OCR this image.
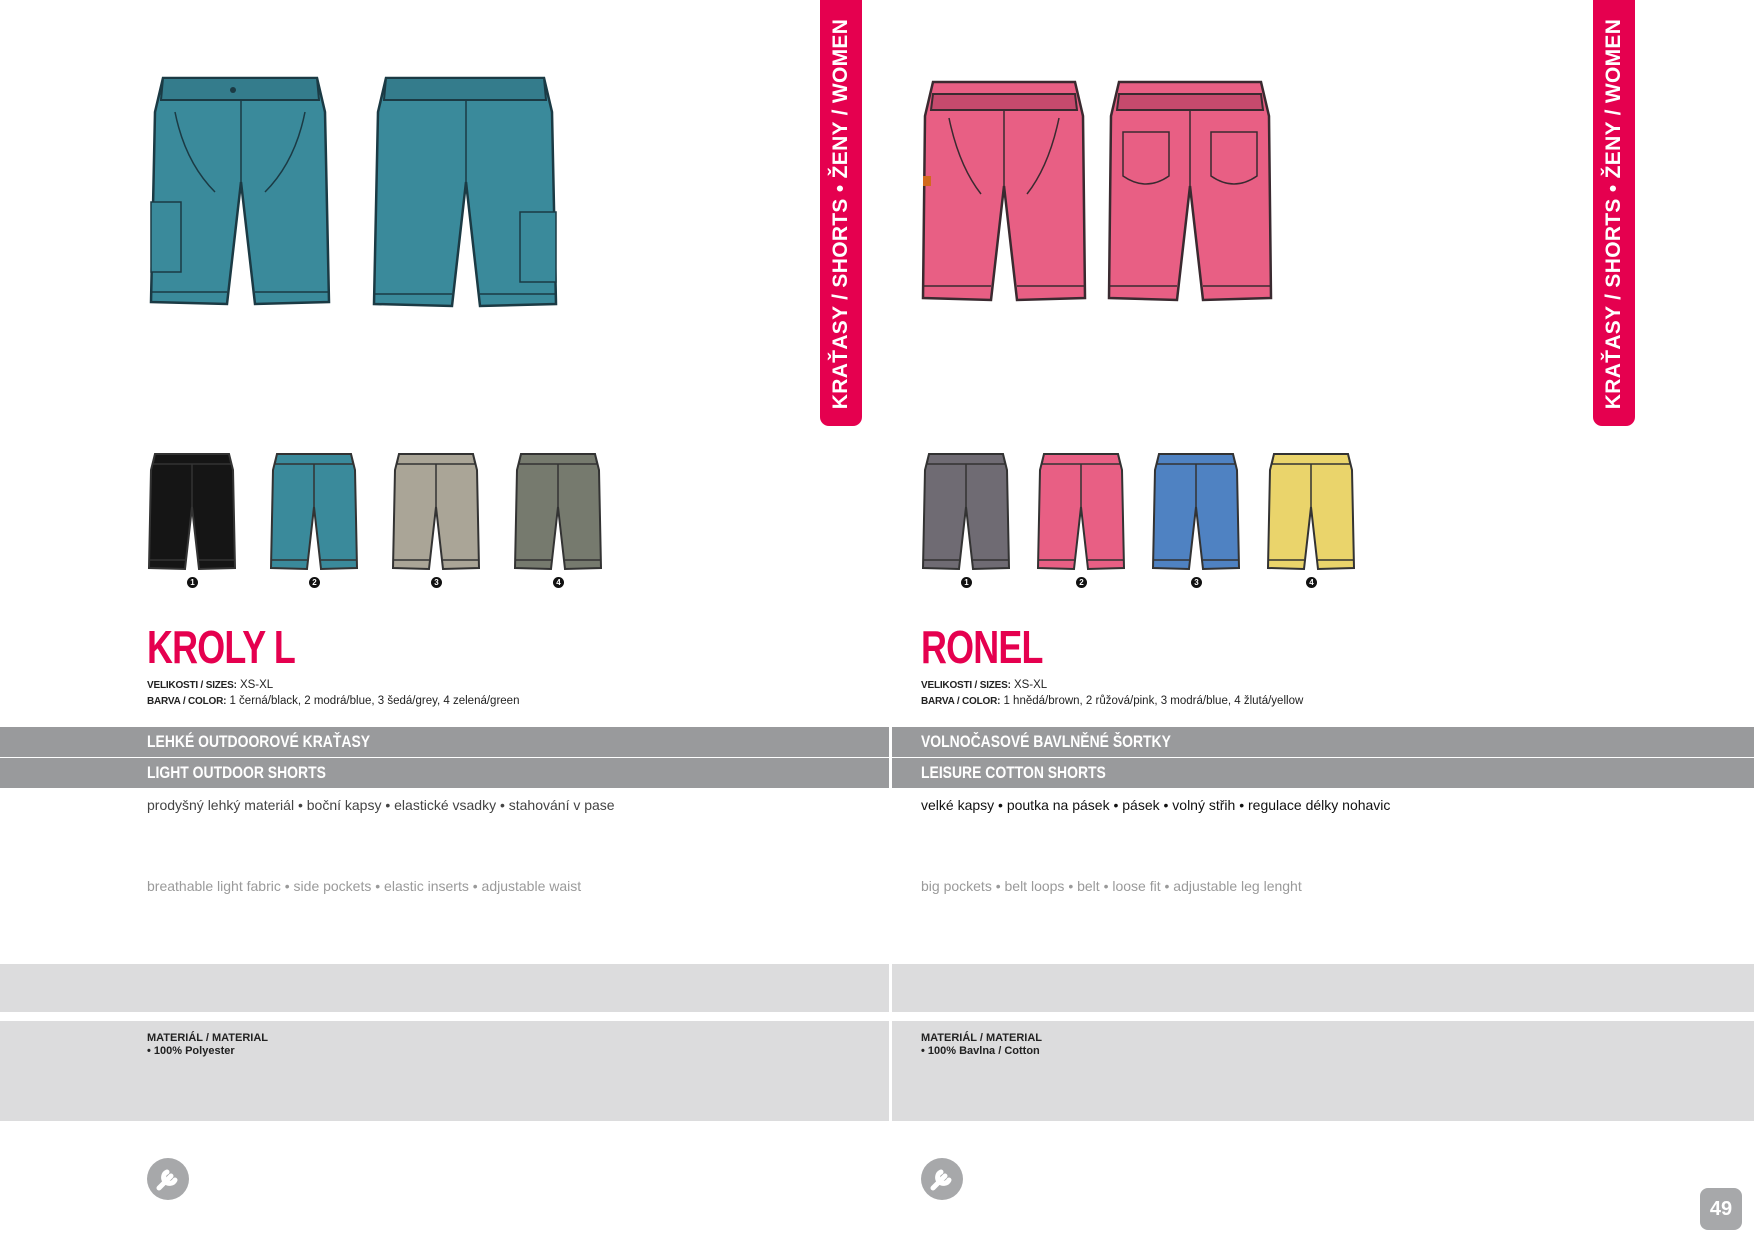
KRAŤASY / SHORTS • ŽENY / WOMEN
1	2	3	4
KROLY L
VELIKOSTI / SIZES: XS-XL
BARVA / COLOR: 1 černá/black, 2 modrá/blue, 3 šedá/grey, 4 zelená/green
LEHKÉ OUTDOOROVÉ KRAŤASY
LIGHT OUTDOOR SHORTS
prodyšný lehký materiál • boční kapsy • elastické vsadky • stahování v pase
breathable light fabric • side pockets • elastic inserts • adjustable waist
MATERIÁL / MATERIAL
• 100% Polyester
KRAŤASY / SHORTS • ŽENY / WOMEN
1	2	3	4
RONEL
VELIKOSTI / SIZES: XS-XL
BARVA / COLOR: 1 hnědá/brown, 2 růžová/pink, 3 modrá/blue, 4 žlutá/yellow
VOLNOČASOVÉ BAVLNĚNÉ ŠORTKY
LEISURE COTTON SHORTS
velké kapsy • poutka na pásek • pásek • volný střih • regulace délky nohavic
big pockets • belt loops • belt • loose fit • adjustable leg lenght
MATERIÁL / MATERIAL
• 100% Bavlna / Cotton
49
